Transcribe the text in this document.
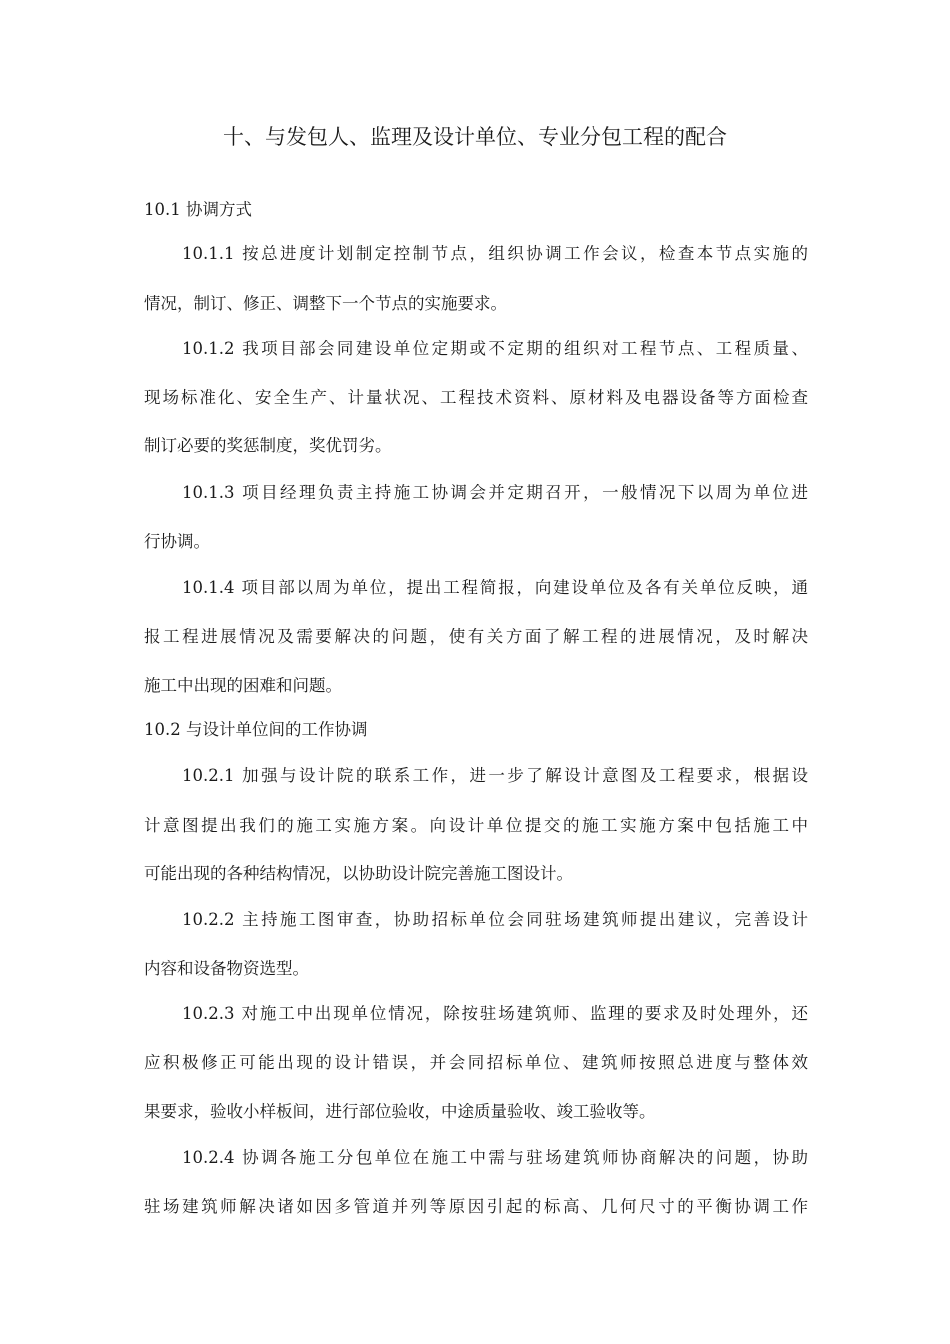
十、与发包人、监理及设计单位、专业分包工程的配合
10.1 协调方式
10.1.1 按总进度计划制定控制节点，组织协调工作会议，检查本节点实施的
情况，制订、修正、调整下一个节点的实施要求。
10.1.2 我项目部会同建设单位定期或不定期的组织对工程节点、工程质量、
现场标准化、安全生产、计量状况、工程技术资料、原材料及电器设备等方面检查
制订必要的奖惩制度，奖优罚劣。
10.1.3 项目经理负责主持施工协调会并定期召开，一般情况下以周为单位进
行协调。
10.1.4 项目部以周为单位，提出工程简报，向建设单位及各有关单位反映，通
报工程进展情况及需要解决的问题，使有关方面了解工程的进展情况，及时解决
施工中出现的困难和问题。
10.2 与设计单位间的工作协调
10.2.1 加强与设计院的联系工作，进一步了解设计意图及工程要求，根据设
计意图提出我们的施工实施方案。向设计单位提交的施工实施方案中包括施工中
可能出现的各种结构情况，以协助设计院完善施工图设计。
10.2.2 主持施工图审查，协助招标单位会同驻场建筑师提出建议，完善设计
内容和设备物资选型。
10.2.3 对施工中出现单位情况，除按驻场建筑师、监理的要求及时处理外，还
应积极修正可能出现的设计错误，并会同招标单位、建筑师按照总进度与整体效
果要求，验收小样板间，进行部位验收，中途质量验收、竣工验收等。
10.2.4 协调各施工分包单位在施工中需与驻场建筑师协商解决的问题，协助
驻场建筑师解决诸如因多管道并列等原因引起的标高、几何尺寸的平衡协调工作
